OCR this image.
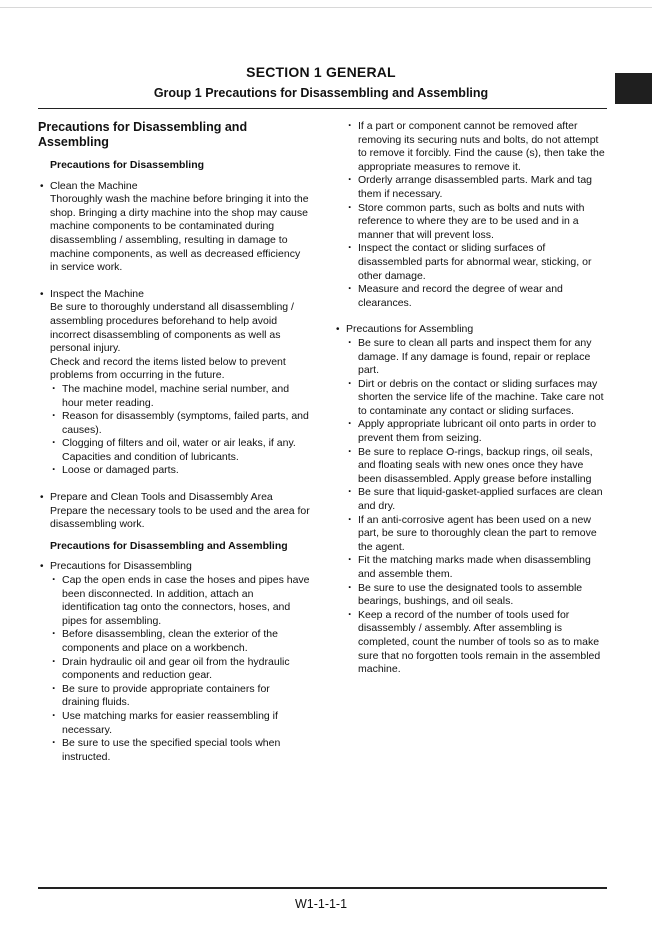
SECTION 1 GENERAL
Group 1 Precautions for Disassembling and Assembling
Precautions for Disassembling and Assembling
Precautions for Disassembling
• Clean the Machine
Thoroughly wash the machine before bringing it into the shop. Bringing a dirty machine into the shop may cause machine components to be contaminated during disassembling / assembling, resulting in damage to machine components, as well as decreased efficiency in service work.
• Inspect the Machine
Be sure to thoroughly understand all disassembling / assembling procedures beforehand to help avoid incorrect disassembling of components as well as personal injury.
Check and record the items listed below to prevent problems from occurring in the future.
· The machine model, machine serial number, and hour meter reading.
· Reason for disassembly (symptoms, failed parts, and causes).
· Clogging of filters and oil, water or air leaks, if any. Capacities and condition of lubricants.
· Loose or damaged parts.
• Prepare and Clean Tools and Disassembly Area
Prepare the necessary tools to be used and the area for disassembling work.
Precautions for Disassembling and Assembling
• Precautions for Disassembling
· Cap the open ends in case the hoses and pipes have been disconnected. In addition, attach an identification tag onto the connectors, hoses, and pipes for assembling.
· Before disassembling, clean the exterior of the components and place on a workbench.
· Drain hydraulic oil and gear oil from the hydraulic components and reduction gear.
· Be sure to provide appropriate containers for draining fluids.
· Use matching marks for easier reassembling if necessary.
· Be sure to use the specified special tools when instructed.
· If a part or component cannot be removed after removing its securing nuts and bolts, do not attempt to remove it forcibly. Find the cause (s), then take the appropriate measures to remove it.
· Orderly arrange disassembled parts. Mark and tag them if necessary.
· Store common parts, such as bolts and nuts with reference to where they are to be used and in a manner that will prevent loss.
· Inspect the contact or sliding surfaces of disassembled parts for abnormal wear, sticking, or other damage.
· Measure and record the degree of wear and clearances.
• Precautions for Assembling
· Be sure to clean all parts and inspect them for any damage. If any damage is found, repair or replace part.
· Dirt or debris on the contact or sliding surfaces may shorten the service life of the machine. Take care not to contaminate any contact or sliding surfaces.
· Apply appropriate lubricant oil onto parts in order to prevent them from seizing.
· Be sure to replace O-rings, backup rings, oil seals, and floating seals with new ones once they have been disassembled. Apply grease before installing
· Be sure that liquid-gasket-applied surfaces are clean and dry.
· If an anti-corrosive agent has been used on a new part, be sure to thoroughly clean the part to remove the agent.
· Fit the matching marks made when disassembling and assemble them.
· Be sure to use the designated tools to assemble bearings, bushings, and oil seals.
· Keep a record of the number of tools used for disassembly / assembly. After assembling is completed, count the number of tools so as to make sure that no forgotten tools remain in the assembled machine.
W1-1-1-1
